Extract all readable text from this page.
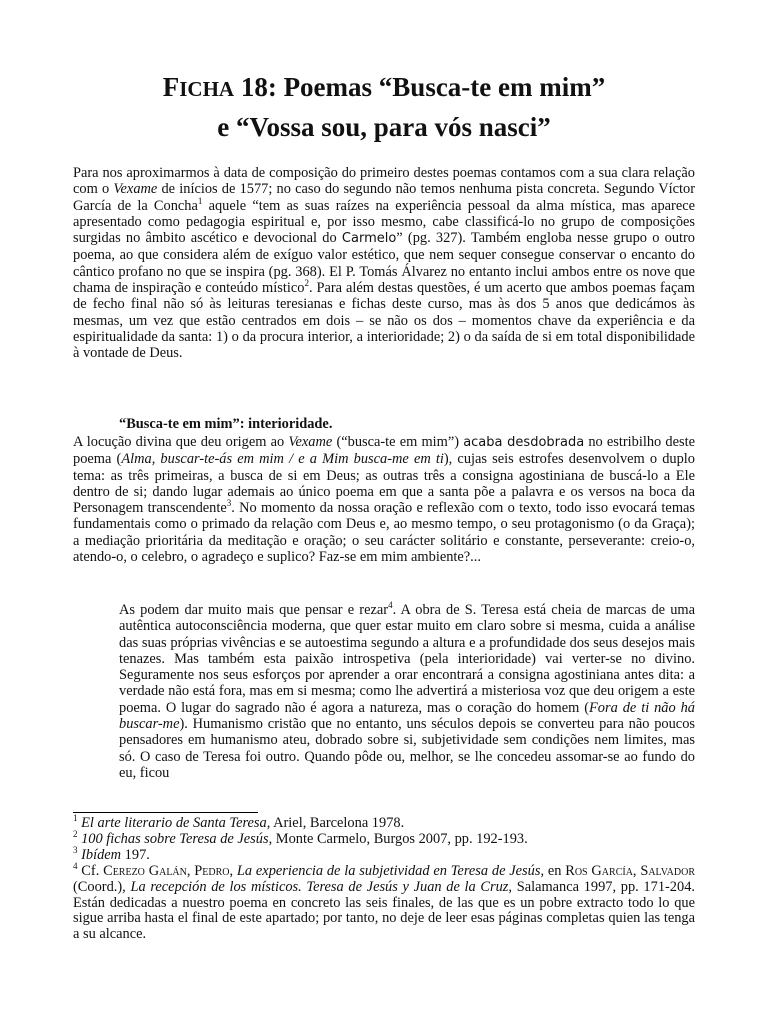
FICHA 18: Poemas “Busca-te em mim”
e “Vossa sou, para vós nasci”

Para nos aproximarmos à data de composição do primeiro destes poemas contamos com a sua clara relação com o Vexame de inícios de 1577; no caso do segundo não temos nenhuma pista concreta. Segundo Víctor García de la Concha$^1$ aquele “tem as suas raízes na experiência pessoal da alma mística, mas aparece apresentado como pedagogia espiritual e, por isso mesmo, cabe classificá-lo no grupo de composições surgidas no âmbito ascético e devocional do Carmelo” (pg. 327). Também engloba nesse grupo o outro poema, ao que considera além de exíguo valor estético, que nem sequer consegue conservar o encanto do cântico profano no que se inspira (pg. 368). El P. Tomás Álvarez no entanto inclui ambos entre os nove que chama de inspiração e conteúdo místico$^2$. Para além destas questões, é um acerto que ambos poemas façam de fecho final não só às leituras teresianas e fichas deste curso, mas às dos 5 anos que dedicámos às mesmas, um vez que estão centrados em dois – se não os dos – momentos chave da experiência e da espiritualidade da santa: 1) o da procura interior, a interioridade; 2) o da saída de si em total disponibilidade à vontade de Deus.

“Busca-te em mim”: interioridade.

A locução divina que deu origem ao Vexame (“busca-te em mim”) acaba desdobrada no estribilho deste poema (Alma, buscar-te-ás em mim / e a Mim busca-me em ti), cujas seis estrofes desenvolvem o duplo tema: as três primeiras, a busca de si em Deus; as outras três a consigna agostiniana de buscá-lo a Ele dentro de si; dando lugar ademais ao único poema em que a santa põe a palavra e os versos na boca da Personagem transcendente$^3$. No momento da nossa oração e reflexão com o texto, todo isso evocará temas fundamentais como o primado da relação com Deus e, ao mesmo tempo, o seu protagonismo (o da Graça); a mediação prioritária da meditação e oração; o seu carácter solitário e constante, perseverante: creio-o, atendo-o, o celebro, o agradeço e suplico? Faz-se em mim ambiente?...

As podem dar muito mais que pensar e rezar$^4$. A obra de S. Teresa está cheia de marcas de uma autêntica autoconsciência moderna, que quer estar muito em claro sobre si mesma, cuida a análise das suas próprias vivências e se autoestima segundo a altura e a profundidade dos seus desejos mais tenazes. Mas também esta paixão introspetiva (pela interioridade) vai verter-se no divino. Seguramente nos seus esforços por aprender a orar encontrará a consigna agostiniana antes dita: a verdade não está fora, mas em si mesma; como lhe advertirá a misteriosa voz que deu origem a este poema. O lugar do sagrado não é agora a natureza, mas o coração do homem (Fora de ti não há buscar-me). Humanismo cristão que no entanto, uns séculos depois se converteu para não poucos pensadores em humanismo ateu, dobrado sobre si, subjetividade sem condições nem limites, mas só. O caso de Teresa foi outro. Quando pôde ou, melhor, se lhe concedeu assomar-se ao fundo do eu, ficou

$^1$ El arte literario de Santa Teresa, Ariel, Barcelona 1978.

$^2$ 100 fichas sobre Teresa de Jesús, Monte Carmelo, Burgos 2007, pp. 192-193.

$^3$ Ibídem 197.

$^4$ Cf. Cerezo Galán, Pedro, La experiencia de la subjetividad en Teresa de Jesús, en Ros García, Salvador (Coord.), La recepción de los místicos. Teresa de Jesús y Juan de la Cruz, Salamanca 1997, pp. 171-204. Están dedicadas a nuestro poema en concreto las seis finales, de las que es un pobre extracto todo lo que sigue arriba hasta el final de este apartado; por tanto, no deje de leer esas páginas completas quien las tenga a su alcance.
